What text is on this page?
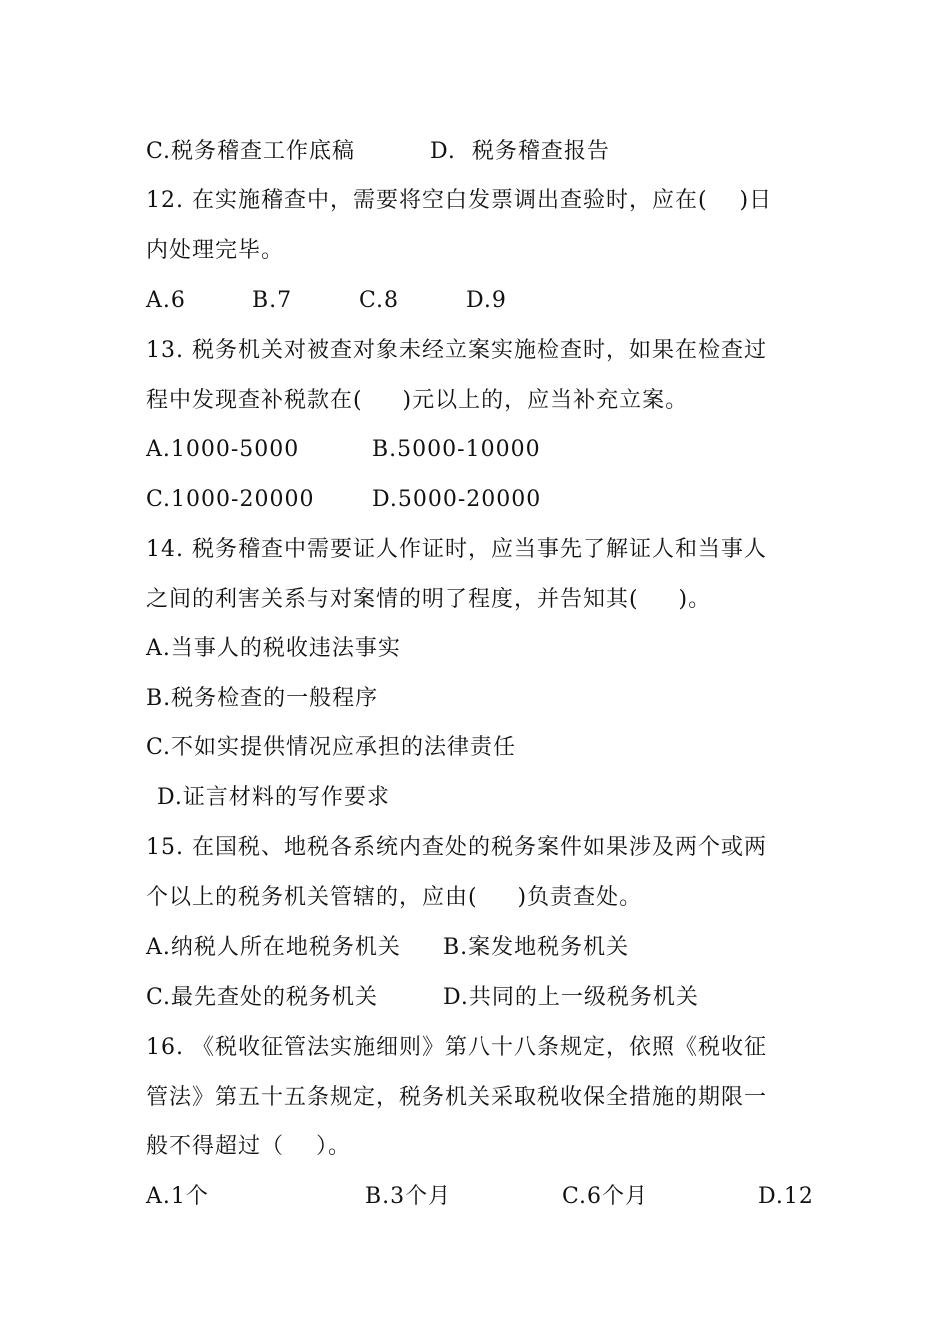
C.税务稽查工作底稿	D.  税务稽查报告
12. 在实施稽查中，需要将空白发票调出查验时，应在(    )日
内处理完毕。
A.6	B.7	C.8	D.9
13. 税务机关对被查对象未经立案实施检查时，如果在检查过
程中发现查补税款在(     )元以上的，应当补充立案。
A.1000-5000	B.5000-10000
C.1000-20000	D.5000-20000
14. 税务稽查中需要证人作证时，应当事先了解证人和当事人
之间的利害关系与对案情的明了程度，并告知其(     )。
A.当事人的税收违法事实
B.税务检查的一般程序
C.不如实提供情况应承担的法律责任
D.证言材料的写作要求
15. 在国税、地税各系统内查处的税务案件如果涉及两个或两
个以上的税务机关管辖的，应由(     )负责查处。
A.纳税人所在地税务机关 B.案发地税务机关
C.最先查处的税务机关	D.共同的上一级税务机关
16. 《税收征管法实施细则》第八十八条规定，依照《税收征
管法》第五十五条规定，税务机关采取税收保全措施的期限一
般不得超过（    ）。
A.1个	B.3个月	C.6个月	D.12
